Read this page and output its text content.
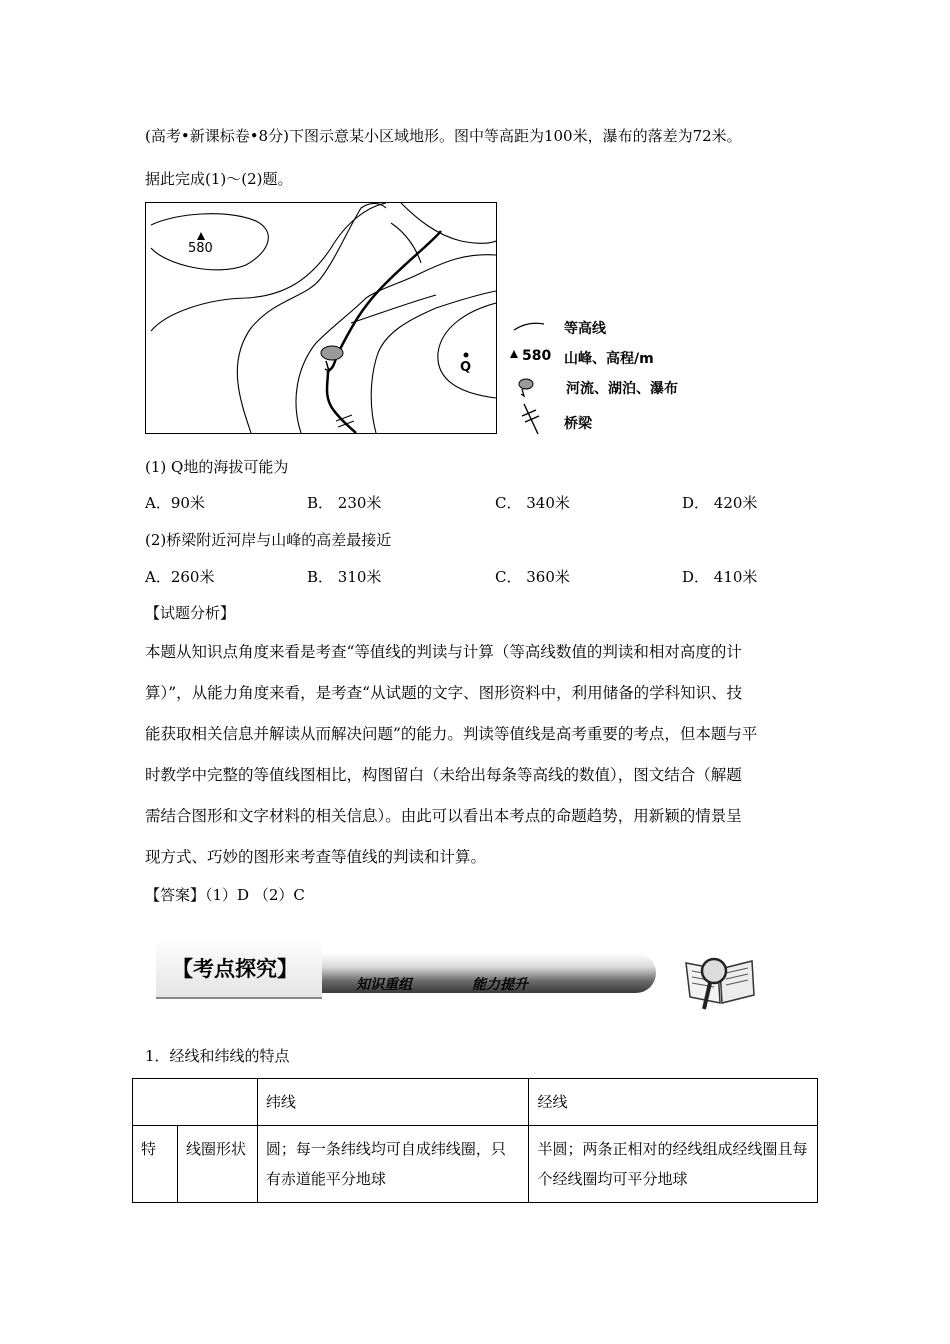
(高考•新课标卷•8分)下图示意某小区域地形。图中等高距为100米，瀑布的落差为72米。
据此完成(1)～(2)题。
580
Q
等高线
580 山峰、高程/m
河流、湖泊、瀑布
桥梁
(1) Q地的海拔可能为
A．90米	B． 230米	C． 340米	D． 420米
(2)桥梁附近河岸与山峰的高差最接近
A．260米	B． 310米	C． 360米	D． 410米
【试题分析】
本题从知识点角度来看是考查“等值线的判读与计算（等高线数值的判读和相对高度的计
算）”，从能力角度来看，是考查“从试题的文字、图形资料中，利用储备的学科知识、技
能获取相关信息并解读从而解决问题”的能力。判读等值线是高考重要的考点，但本题与平
时教学中完整的等值线图相比，构图留白（未给出每条等高线的数值），图文结合（解题
需结合图形和文字材料的相关信息）。由此可以看出本考点的命题趋势，用新颖的情景呈
现方式、巧妙的图形来考查等值线的判读和计算。
【答案】（1）D （2）C
【考点探究】
知识重组	能力提升
1．经线和纬线的特点
		纬线	经线
特	线圈形状	圆；每一条纬线均可自成纬线圈，只有赤道能平分地球	半圆；两条正相对的经线组成经线圈且每个经线圈均可平分地球
